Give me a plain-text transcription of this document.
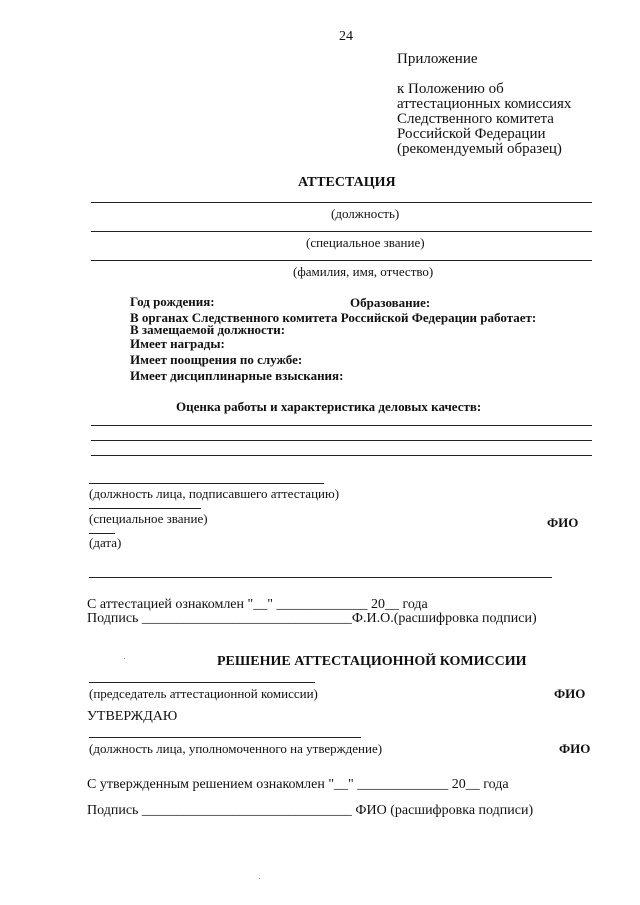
24
Приложение
к Положению об
аттестационных комиссиях
Следственного комитета
Российской Федерации
(рекомендуемый образец)
АТТЕСТАЦИЯ
(должность)
(специальное звание)
(фамилия, имя, отчество)
Год рождения:	Образование:
В органах Следственного комитета Российской Федерации работает:
В замещаемой должности:
Имеет награды:
Имеет поощрения по службе:
Имеет дисциплинарные взыскания:
Оценка работы и характеристика деловых качеств:
(должность лица, подписавшего аттестацию)
(специальное звание)	ФИО
(дата)
С аттестацией ознакомлен "__" _____________ 20__ года
Подпись ______________________________Ф.И.О.(расшифровка подписи)
РЕШЕНИЕ АТТЕСТАЦИОННОЙ КОМИССИИ
(председатель аттестационной комиссии)	ФИО
УТВЕРЖДАЮ
(должность лица, уполномоченного на утверждение)	ФИО
С утвержденным решением ознакомлен "__" _____________ 20__ года
Подпись ______________________________ ФИО (расшифровка подписи)
